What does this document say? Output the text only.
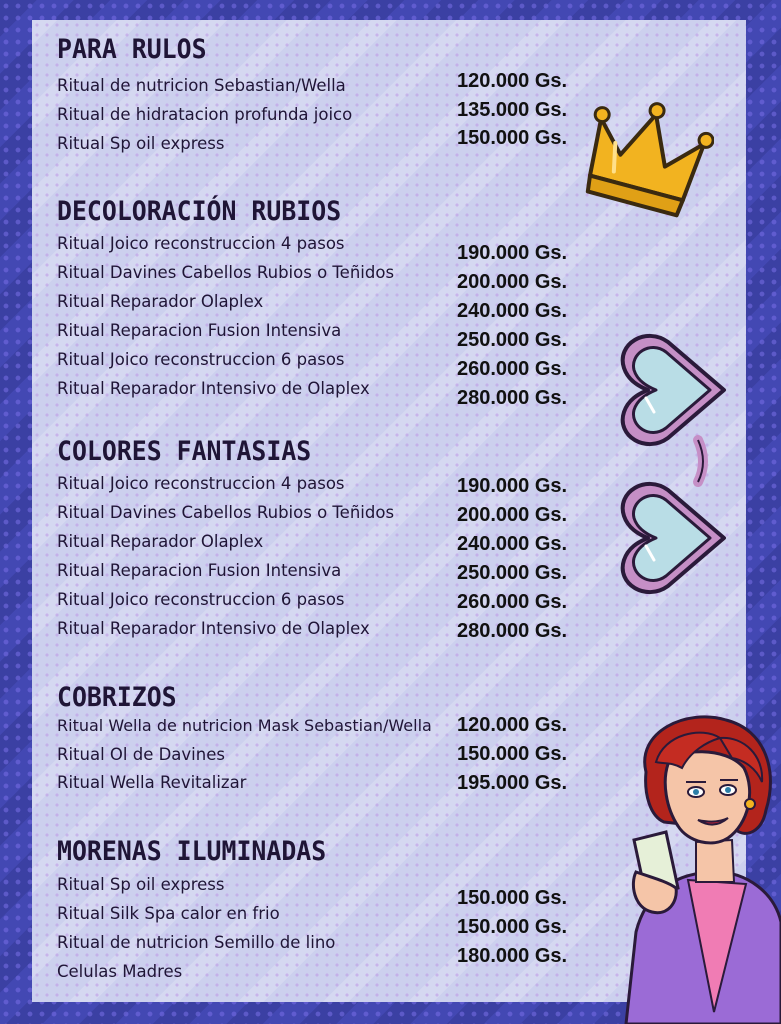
PARA RULOS
Ritual de nutricion Sebastian/Wella
Ritual de hidratacion profunda joico
Ritual Sp oil express
120.000 Gs.
135.000 Gs.
150.000 Gs.
DECOLORACIÓN RUBIOS
Ritual Joico reconstruccion 4 pasos
Ritual Davines Cabellos Rubios o Teñidos
Ritual Reparador Olaplex
Ritual Reparacion Fusion Intensiva
Ritual Joico reconstruccion 6 pasos
Ritual Reparador Intensivo de Olaplex
190.000 Gs.
200.000 Gs.
240.000 Gs.
250.000 Gs.
260.000 Gs.
280.000 Gs.
COLORES FANTASIAS
Ritual Joico reconstruccion 4 pasos
Ritual Davines Cabellos Rubios o Teñidos
Ritual Reparador Olaplex
Ritual Reparacion Fusion Intensiva
Ritual Joico reconstruccion 6 pasos
Ritual Reparador Intensivo de Olaplex
190.000 Gs.
200.000 Gs.
240.000 Gs.
250.000 Gs.
260.000 Gs.
280.000 Gs.
COBRIZOS
Ritual Wella de nutricion Mask Sebastian/Wella
Ritual Ol de Davines
Ritual Wella Revitalizar
120.000 Gs.
150.000 Gs.
195.000 Gs.
MORENAS ILUMINADAS
Ritual Sp oil express
Ritual Silk Spa calor en frio
Ritual de nutricion Semillo de lino
Celulas Madres
150.000 Gs.
150.000 Gs.
180.000 Gs.
